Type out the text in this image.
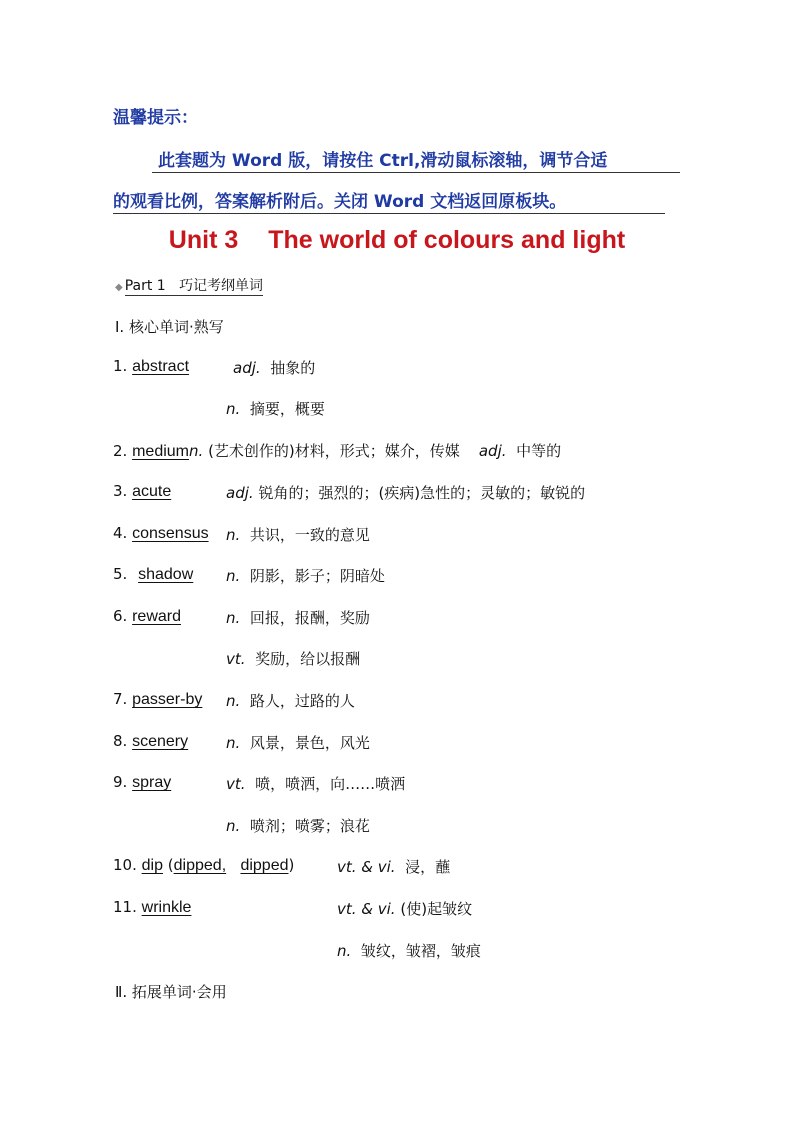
温馨提示：
此套题为 Word 版，请按住 Ctrl,滑动鼠标滚轴，调节合适
的观看比例，答案解析附后。关闭 Word 文档返回原板块。
Unit 3 The world of colours and light
◆ Part 1 巧记考纲单词
Ⅰ. 核心单词·熟写
1. abstract	adj. 抽象的
n. 摘要，概要
2. mediumn. (艺术创作的)材料，形式；媒介，传媒 adj. 中等的
3. acute	adj. 锐角的；强烈的；(疾病)急性的；灵敏的；敏锐的
4. consensus n. 共识，一致的意见
5. shadow n. 阴影，影子；阴暗处
6. reward	n. 回报，报酬，奖励
vt. 奖励，给以报酬
7. passer-by n. 路人，过路的人
8. scenery	n. 风景，景色，风光
9. spray	vt. 喷，喷洒，向……喷洒
n. 喷剂；喷雾；浪花
10. dip (dipped, dipped)	vt. & vi. 浸，蘸
11. wrinkle	vt. & vi. (使)起皱纹
n. 皱纹，皱褶，皱痕
Ⅱ. 拓展单词·会用
